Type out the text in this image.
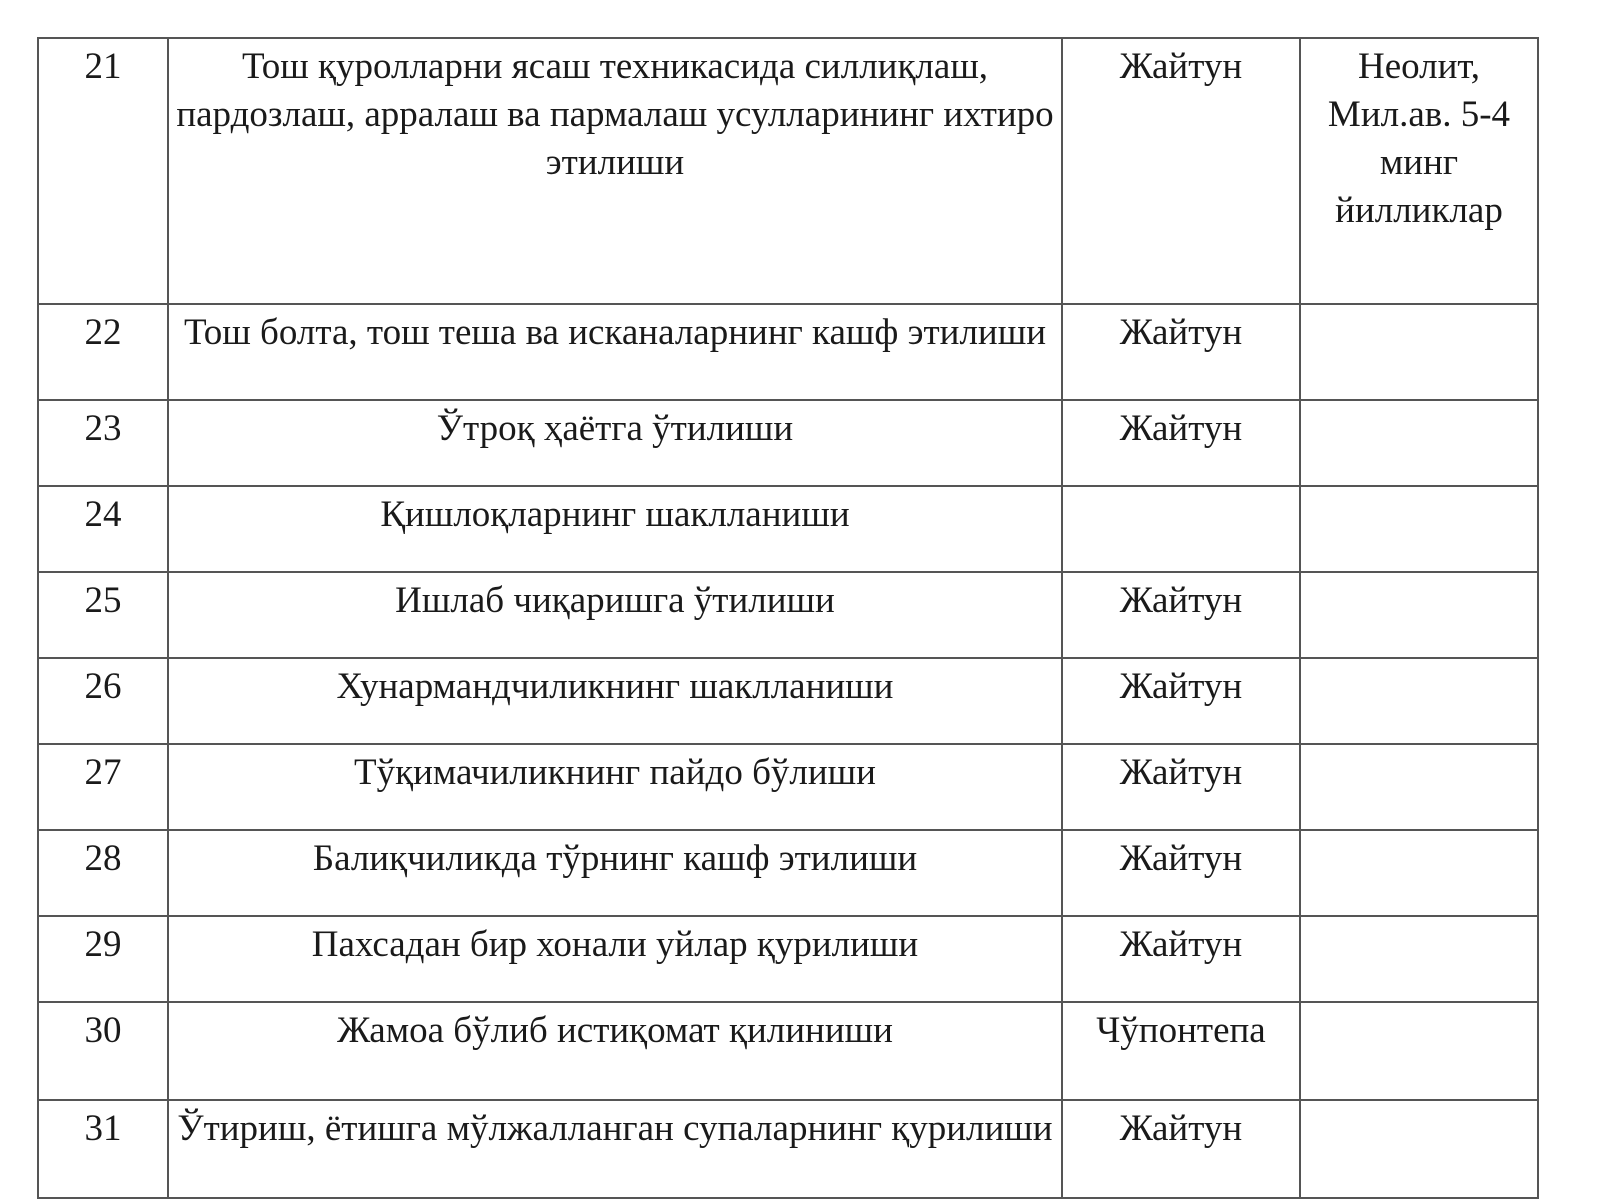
21	Тош қуролларни ясаш техникасида силлиқлаш, пардозлаш, арралаш ва пармалаш усулларининг ихтиро этилиши	Жайтун	Неолит, Мил.ав. 5-4 минг йилликлар
22	Тош болта, тош теша ва исканаларнинг кашф этилиши	Жайтун	
23	Ўтроқ ҳаётга ўтилиши	Жайтун	
24	Қишлоқларнинг шаклланиши		
25	Ишлаб чиқаришга ўтилиши	Жайтун	
26	Хунармандчиликнинг шаклланиши	Жайтун	
27	Тўқимачиликнинг пайдо бўлиши	Жайтун	
28	Балиқчиликда тўрнинг кашф этилиши	Жайтун	
29	Пахсадан бир хонали уйлар қурилиши	Жайтун	
30	Жамоа бўлиб истиқомат қилиниши	Чўпонтепа	
31	Ўтириш, ётишга мўлжалланган супаларнинг қурилиши	Жайтун	
